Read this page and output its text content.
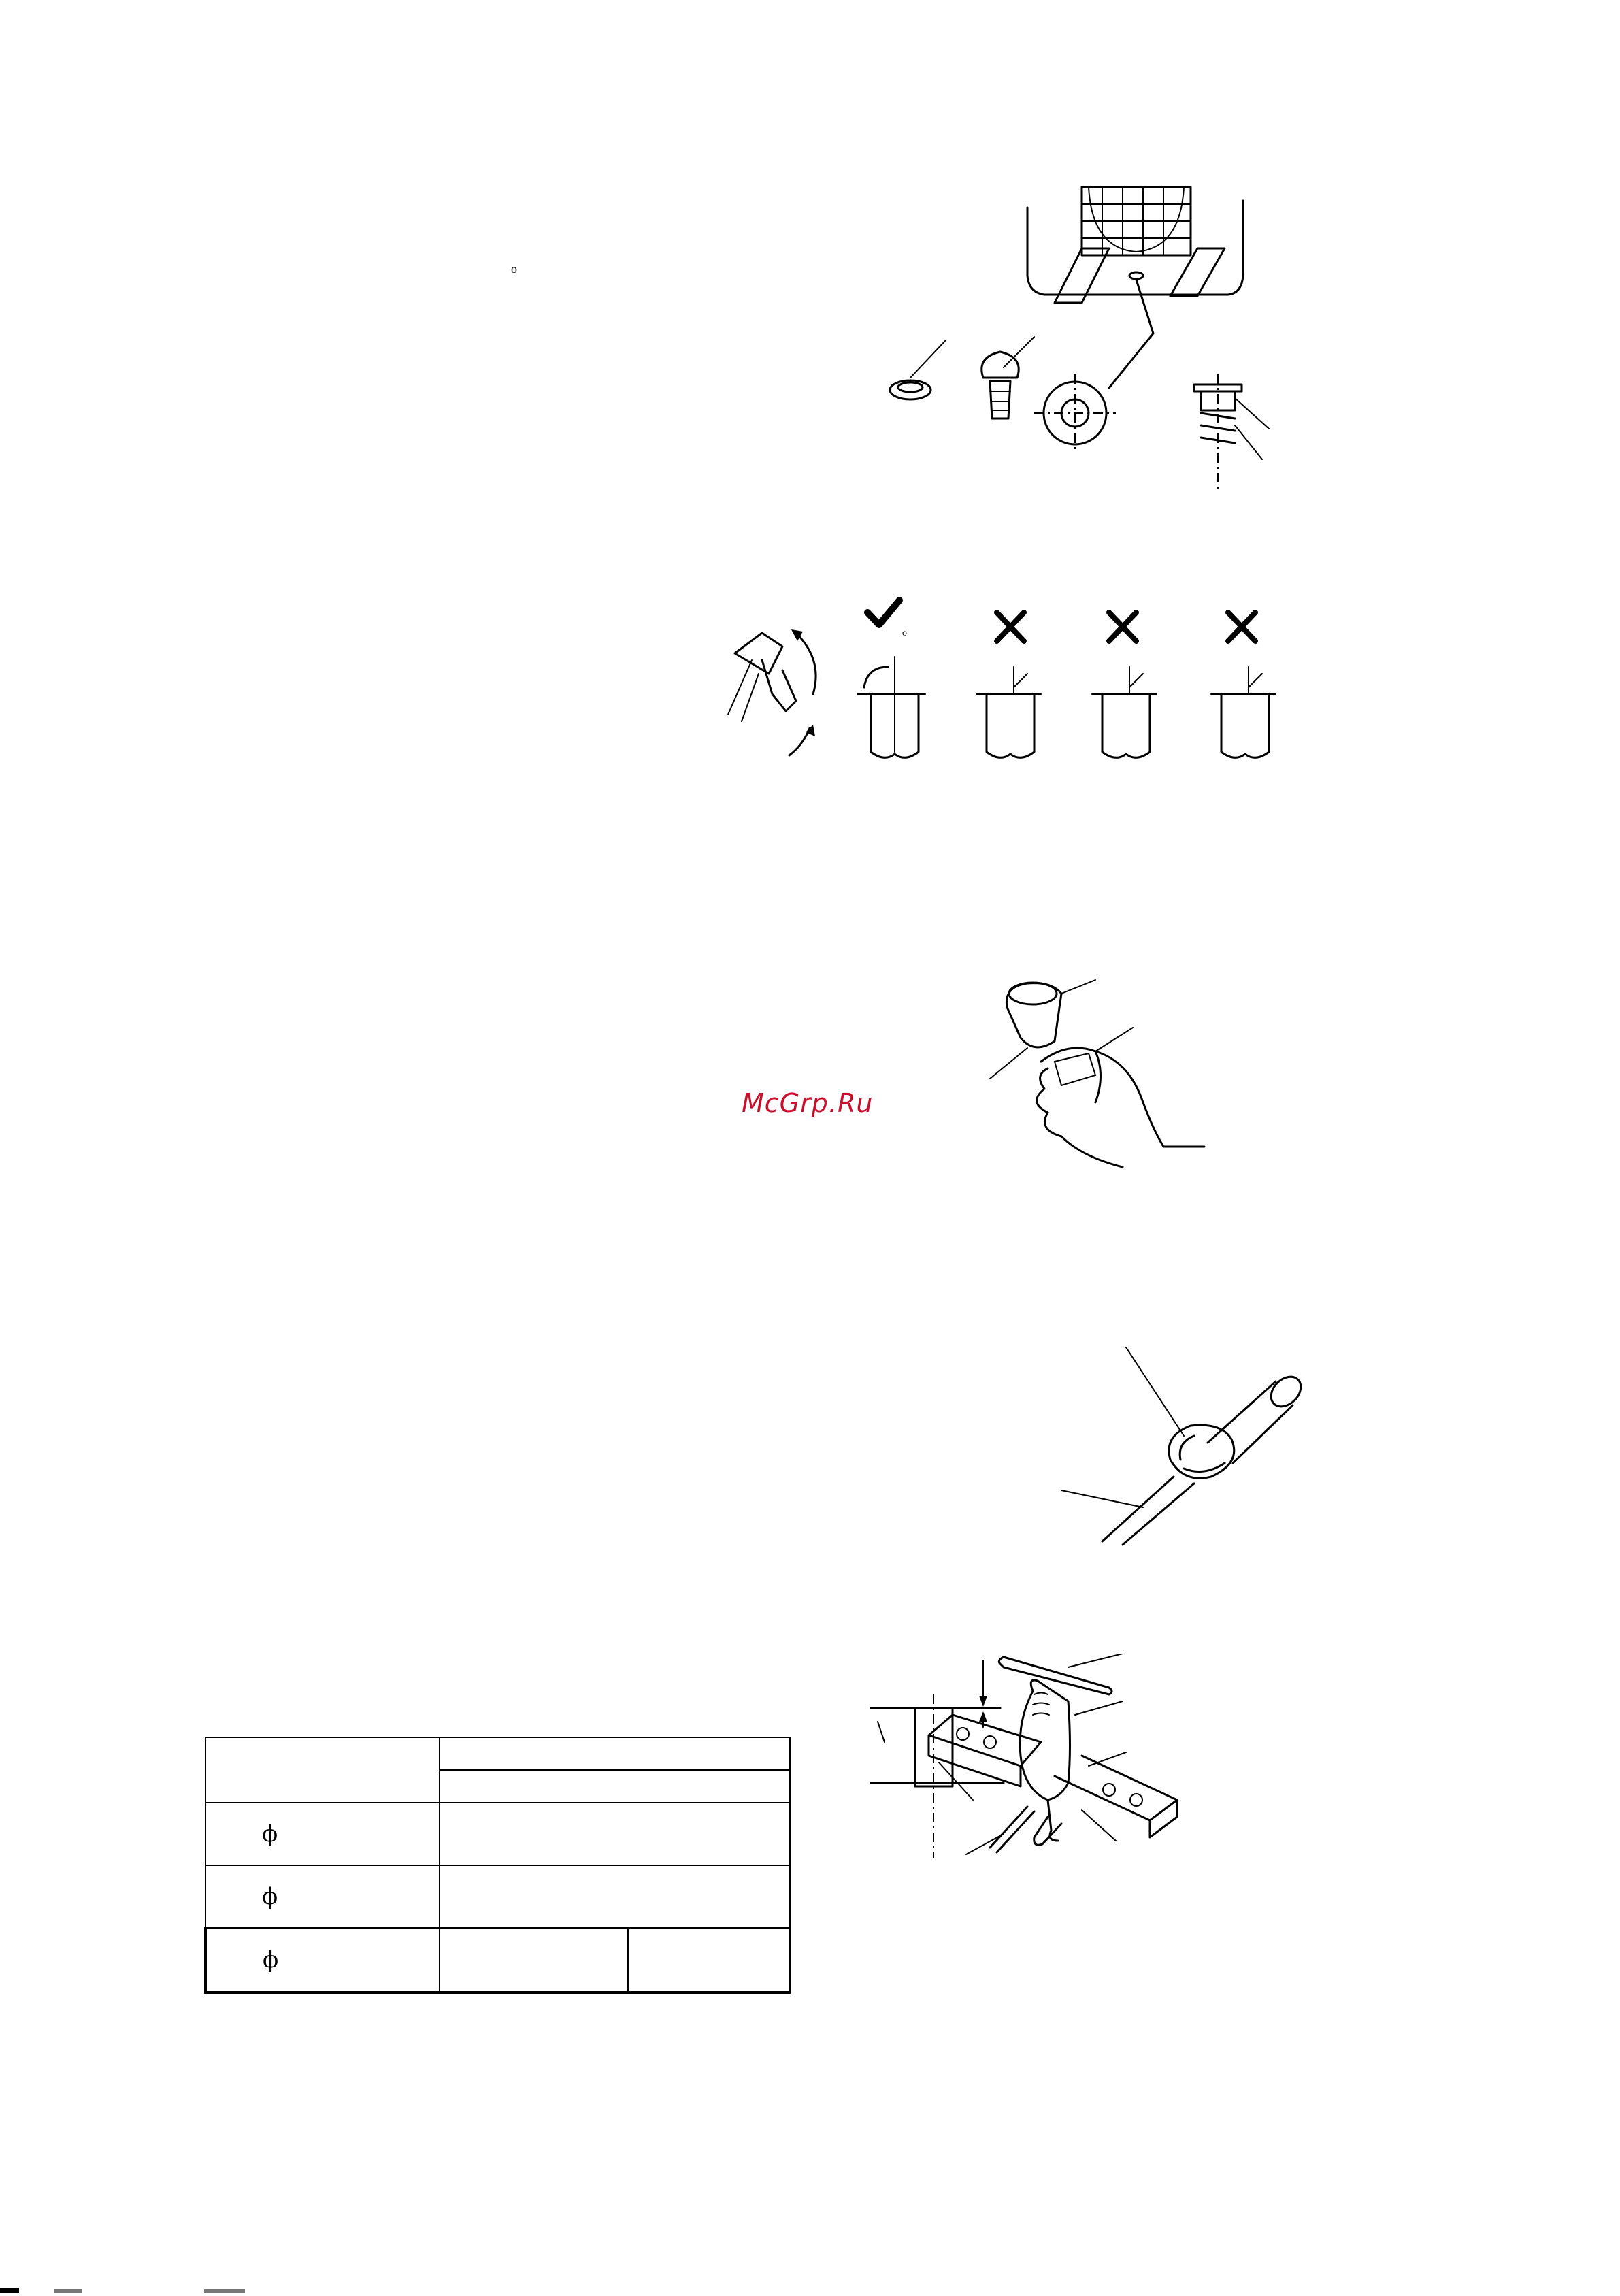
o
o
McGrp.Ru

ϕ		
ϕ		
ϕ		
